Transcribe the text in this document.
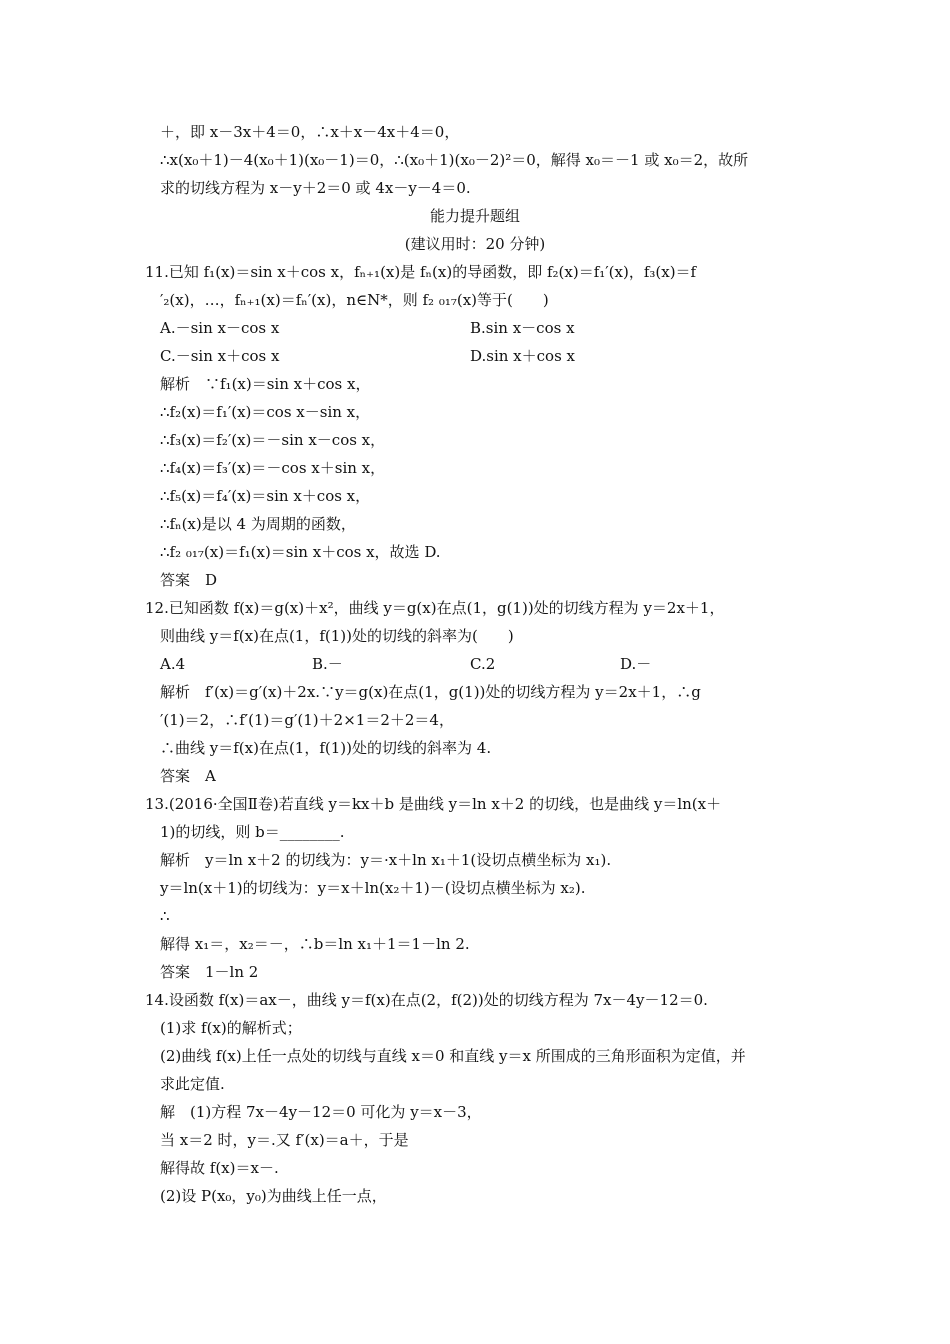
＋，即 x－3x＋4＝0，∴x＋x－4x＋4＝0，
∴x(x₀＋1)－4(x₀＋1)(x₀－1)＝0，∴(x₀＋1)(x₀－2)²＝0，解得 x₀＝－1 或 x₀＝2，故所
求的切线方程为 x－y＋2＝0 或 4x－y－4＝0.
能力提升题组
(建议用时：20 分钟)
11.已知 f₁(x)＝sin x＋cos x，fₙ₊₁(x)是 fₙ(x)的导函数，即 f₂(x)＝f₁′(x)，f₃(x)＝f
′₂(x)，…，fₙ₊₁(x)＝fₙ′(x)，n∈N*，则 f₂ ₀₁₇(x)等于(　　)
A.－sin x－cos x	B.sin x－cos x
C.－sin x＋cos x	D.sin x＋cos x
解析　∵f₁(x)＝sin x＋cos x，
∴f₂(x)＝f₁′(x)＝cos x－sin x，
∴f₃(x)＝f₂′(x)＝－sin x－cos x，
∴f₄(x)＝f₃′(x)＝－cos x＋sin x，
∴f₅(x)＝f₄′(x)＝sin x＋cos x，
∴fₙ(x)是以 4 为周期的函数，
∴f₂ ₀₁₇(x)＝f₁(x)＝sin x＋cos x，故选 D.
答案　D
12.已知函数 f(x)＝g(x)＋x²，曲线 y＝g(x)在点(1，g(1))处的切线方程为 y＝2x＋1，
则曲线 y＝f(x)在点(1，f(1))处的切线的斜率为(　　)
A.4	B.－	C.2	D.－
解析　f′(x)＝g′(x)＋2x.∵y＝g(x)在点(1，g(1))处的切线方程为 y＝2x＋1，∴g
′(1)＝2，∴f′(1)＝g′(1)＋2×1＝2＋2＝4，
∴曲线 y＝f(x)在点(1，f(1))处的切线的斜率为 4.
答案　A
13.(2016·全国Ⅱ卷)若直线 y＝kx＋b 是曲线 y＝ln x＋2 的切线，也是曲线 y＝ln(x＋
1)的切线，则 b＝________.
解析　y＝ln x＋2 的切线为：y＝·x＋ln x₁＋1(设切点横坐标为 x₁).
y＝ln(x＋1)的切线为：y＝x＋ln(x₂＋1)－(设切点横坐标为 x₂).
∴
解得 x₁＝，x₂＝－，∴b＝ln x₁＋1＝1－ln 2.
答案　1－ln 2
14.设函数 f(x)＝ax－，曲线 y＝f(x)在点(2，f(2))处的切线方程为 7x－4y－12＝0.
(1)求 f(x)的解析式；
(2)曲线 f(x)上任一点处的切线与直线 x＝0 和直线 y＝x 所围成的三角形面积为定值，并
求此定值.
解　(1)方程 7x－4y－12＝0 可化为 y＝x－3，
当 x＝2 时，y＝.又 f′(x)＝a＋，于是
解得故 f(x)＝x－.
(2)设 P(x₀，y₀)为曲线上任一点，
